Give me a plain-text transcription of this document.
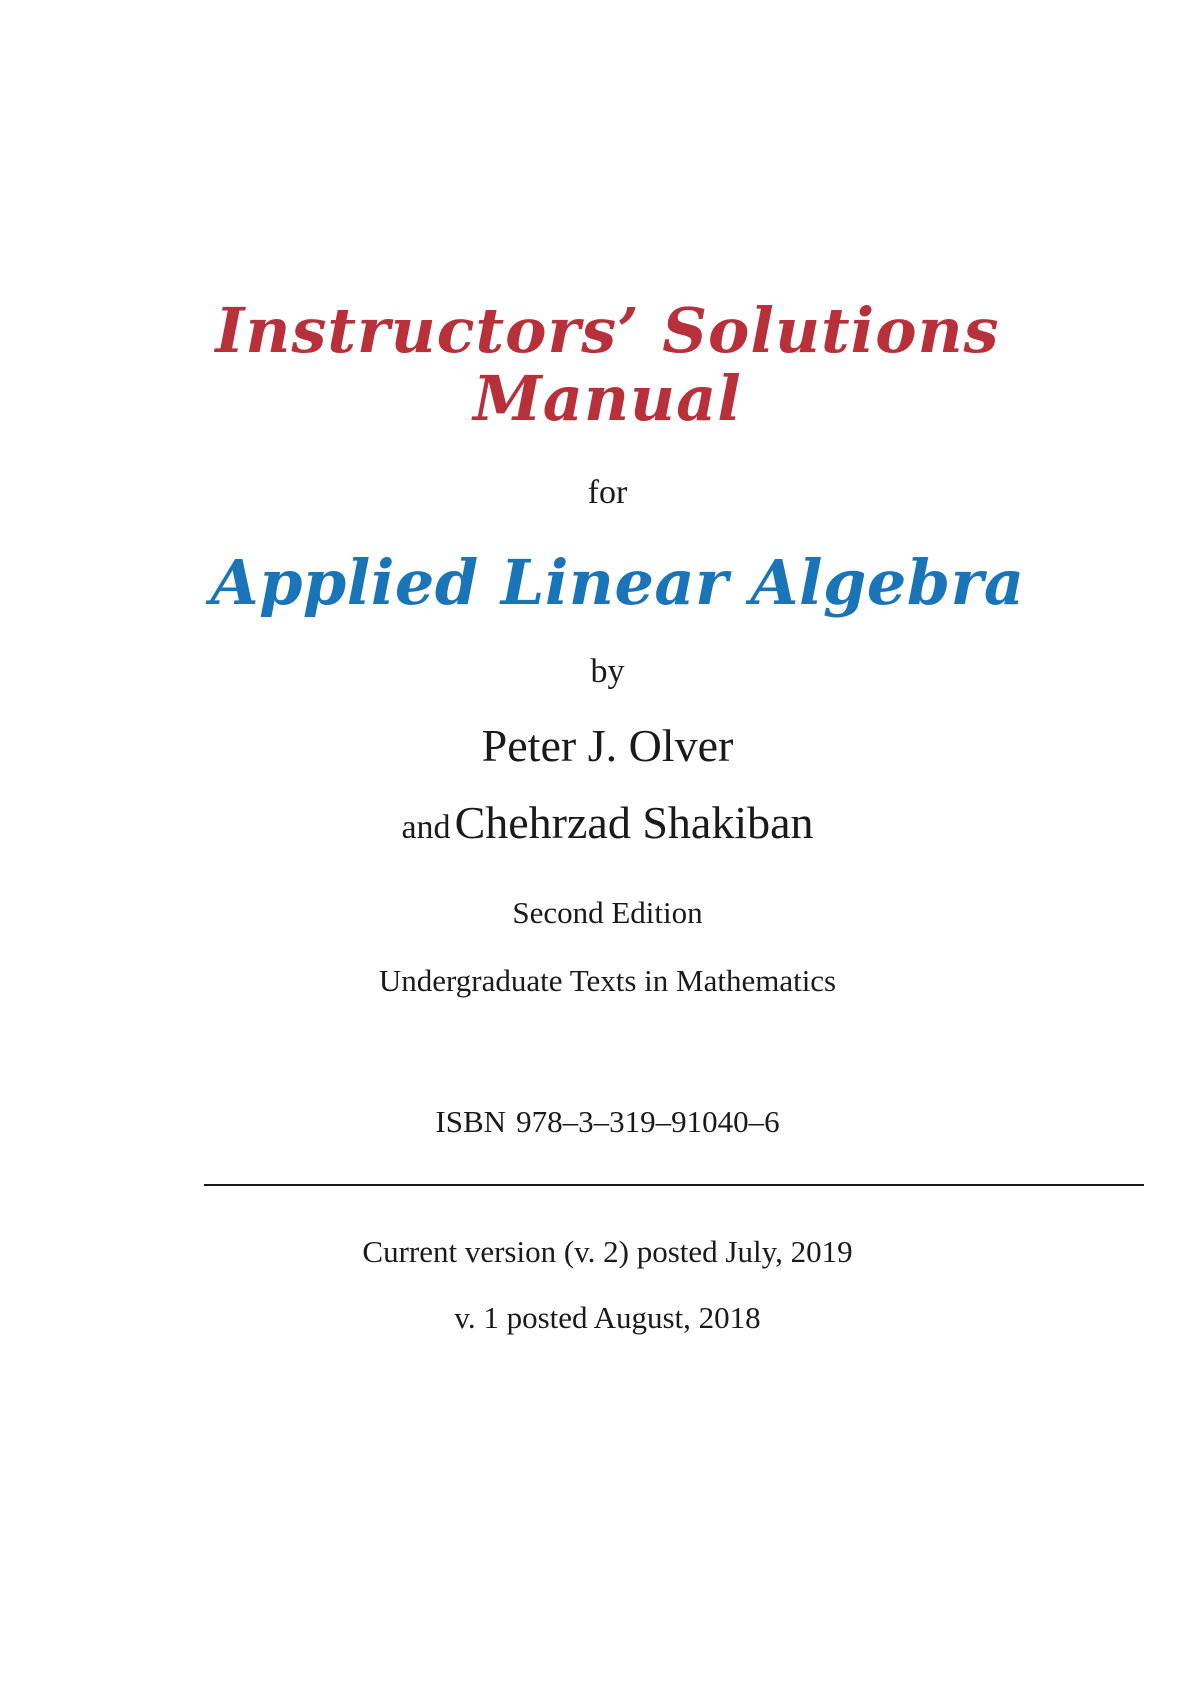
Instructors’ Solutions
Manual
for
Applied Linear Algebra
by
Peter J. Olver
and Chehrzad Shakiban
Second Edition
Undergraduate Texts in Mathematics
ISBN 978–3–319–91040–6
Current version (v. 2) posted July, 2019
v. 1 posted August, 2018
